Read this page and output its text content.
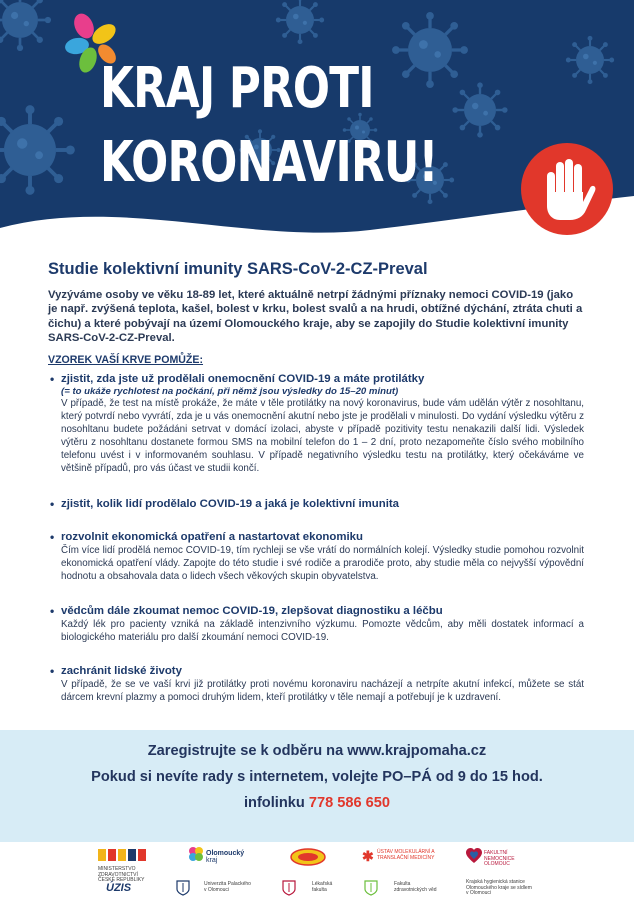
KRAJ PROTI
KORONAVIRU!
Studie kolektivní imunity SARS-CoV-2-CZ-Preval

Vyzýváme osoby ve věku 18-89 let, které aktuálně netrpí žádnými příznaky nemoci COVID-19 (jako je např. zvýšená teplota, kašel, bolest v krku, bolest svalů a na hrudi, obtížné dýchání, ztráta chuti a čichu) a které pobývají na území Olomouckého kraje, aby se zapojily do Studie kolektivní imunity SARS-CoV-2-CZ-Preval.

VZOREK VAŠÍ KRVE POMŮŽE:
• zjistit, zda jste už prodělali onemocnění COVID-19 a máte protilátky
(= to ukáže rychlotest na počkání, při němž jsou výsledky do 15–20 minut)

V případě, že test na místě prokáže, že máte v těle protilátky na nový koronavirus, bude vám udělán výtěr z nosohltanu, který potvrdí nebo vyvrátí, zda je u vás onemocnění akutní nebo jste je prodělali v minulosti. Do vydání výsledku výtěru z nosohltanu budete požádáni setrvat v domácí izolaci, abyste v případě pozitivity testu nenakazili další lidi. Výsledek výtěru z nosohltanu dostanete formou SMS na mobilní telefon do 1 – 2 dní, proto nezapomeňte číslo svého mobilního telefonu uvést i v informovaném souhlasu. V případě negativního výsledku testu na protilátky, který očekáváme ve většině případů, pro vás účast ve studii končí.

• zjistit, kolik lidí prodělalo COVID-19 a jaká je kolektivní imunita
• rozvolnit ekonomická opatření a nastartovat ekonomiku

Čím více lidí prodělá nemoc COVID-19, tím rychleji se vše vrátí do normálních kolejí. Výsledky studie pomohou rozvolnit ekonomická opatření vlády. Zapojte do této studie i své rodiče a prarodiče proto, aby studie měla co nejvyšší výpovědní hodnotu a obsahovala data o lidech všech věkových skupin obyvatelstva.

• vědcům dále zkoumat nemoc COVID-19, zlepšovat diagnostiku a léčbu

Každý lék pro pacienty vzniká na základě intenzivního výzkumu. Pomozte vědcům, aby měli dostatek informací a biologického materiálu pro další zkoumání nemoci COVID-19.

• zachránit lidské životy

V případě, že se ve vaší krvi již protilátky proti novému koronaviru nacházejí a netrpíte akutní infekcí, můžete se stát dárcem krevní plazmy a pomoci druhým lidem, kteří protilátky v těle nemají a potřebují je k uzdravení.

Zaregistrujte se k odběru na www.krajpomaha.cz
Pokud si nevíte rady s internetem, volejte PO–PÁ od 9 do 15 hod.
infolinku 778 586 650
MINISTERSTVO ZDRAVOTNICTVÍ ČESKÉ REPUBLIKY
Olomoucký kraj	✱ ÚSTAV MOLEKULÁRNÍ A
TRANSLAČNÍ MEDICÍNY
FAKULTNÍ NEMOCNICE
OLOMOUC
ÚZIS	Univerzita Palackého
v Olomouci
Lékařská
fakulta
Fakulta
zdravotnických věd
Krajská hygienická stanice
Olomouckého kraje se sídlem
v Olomouci
